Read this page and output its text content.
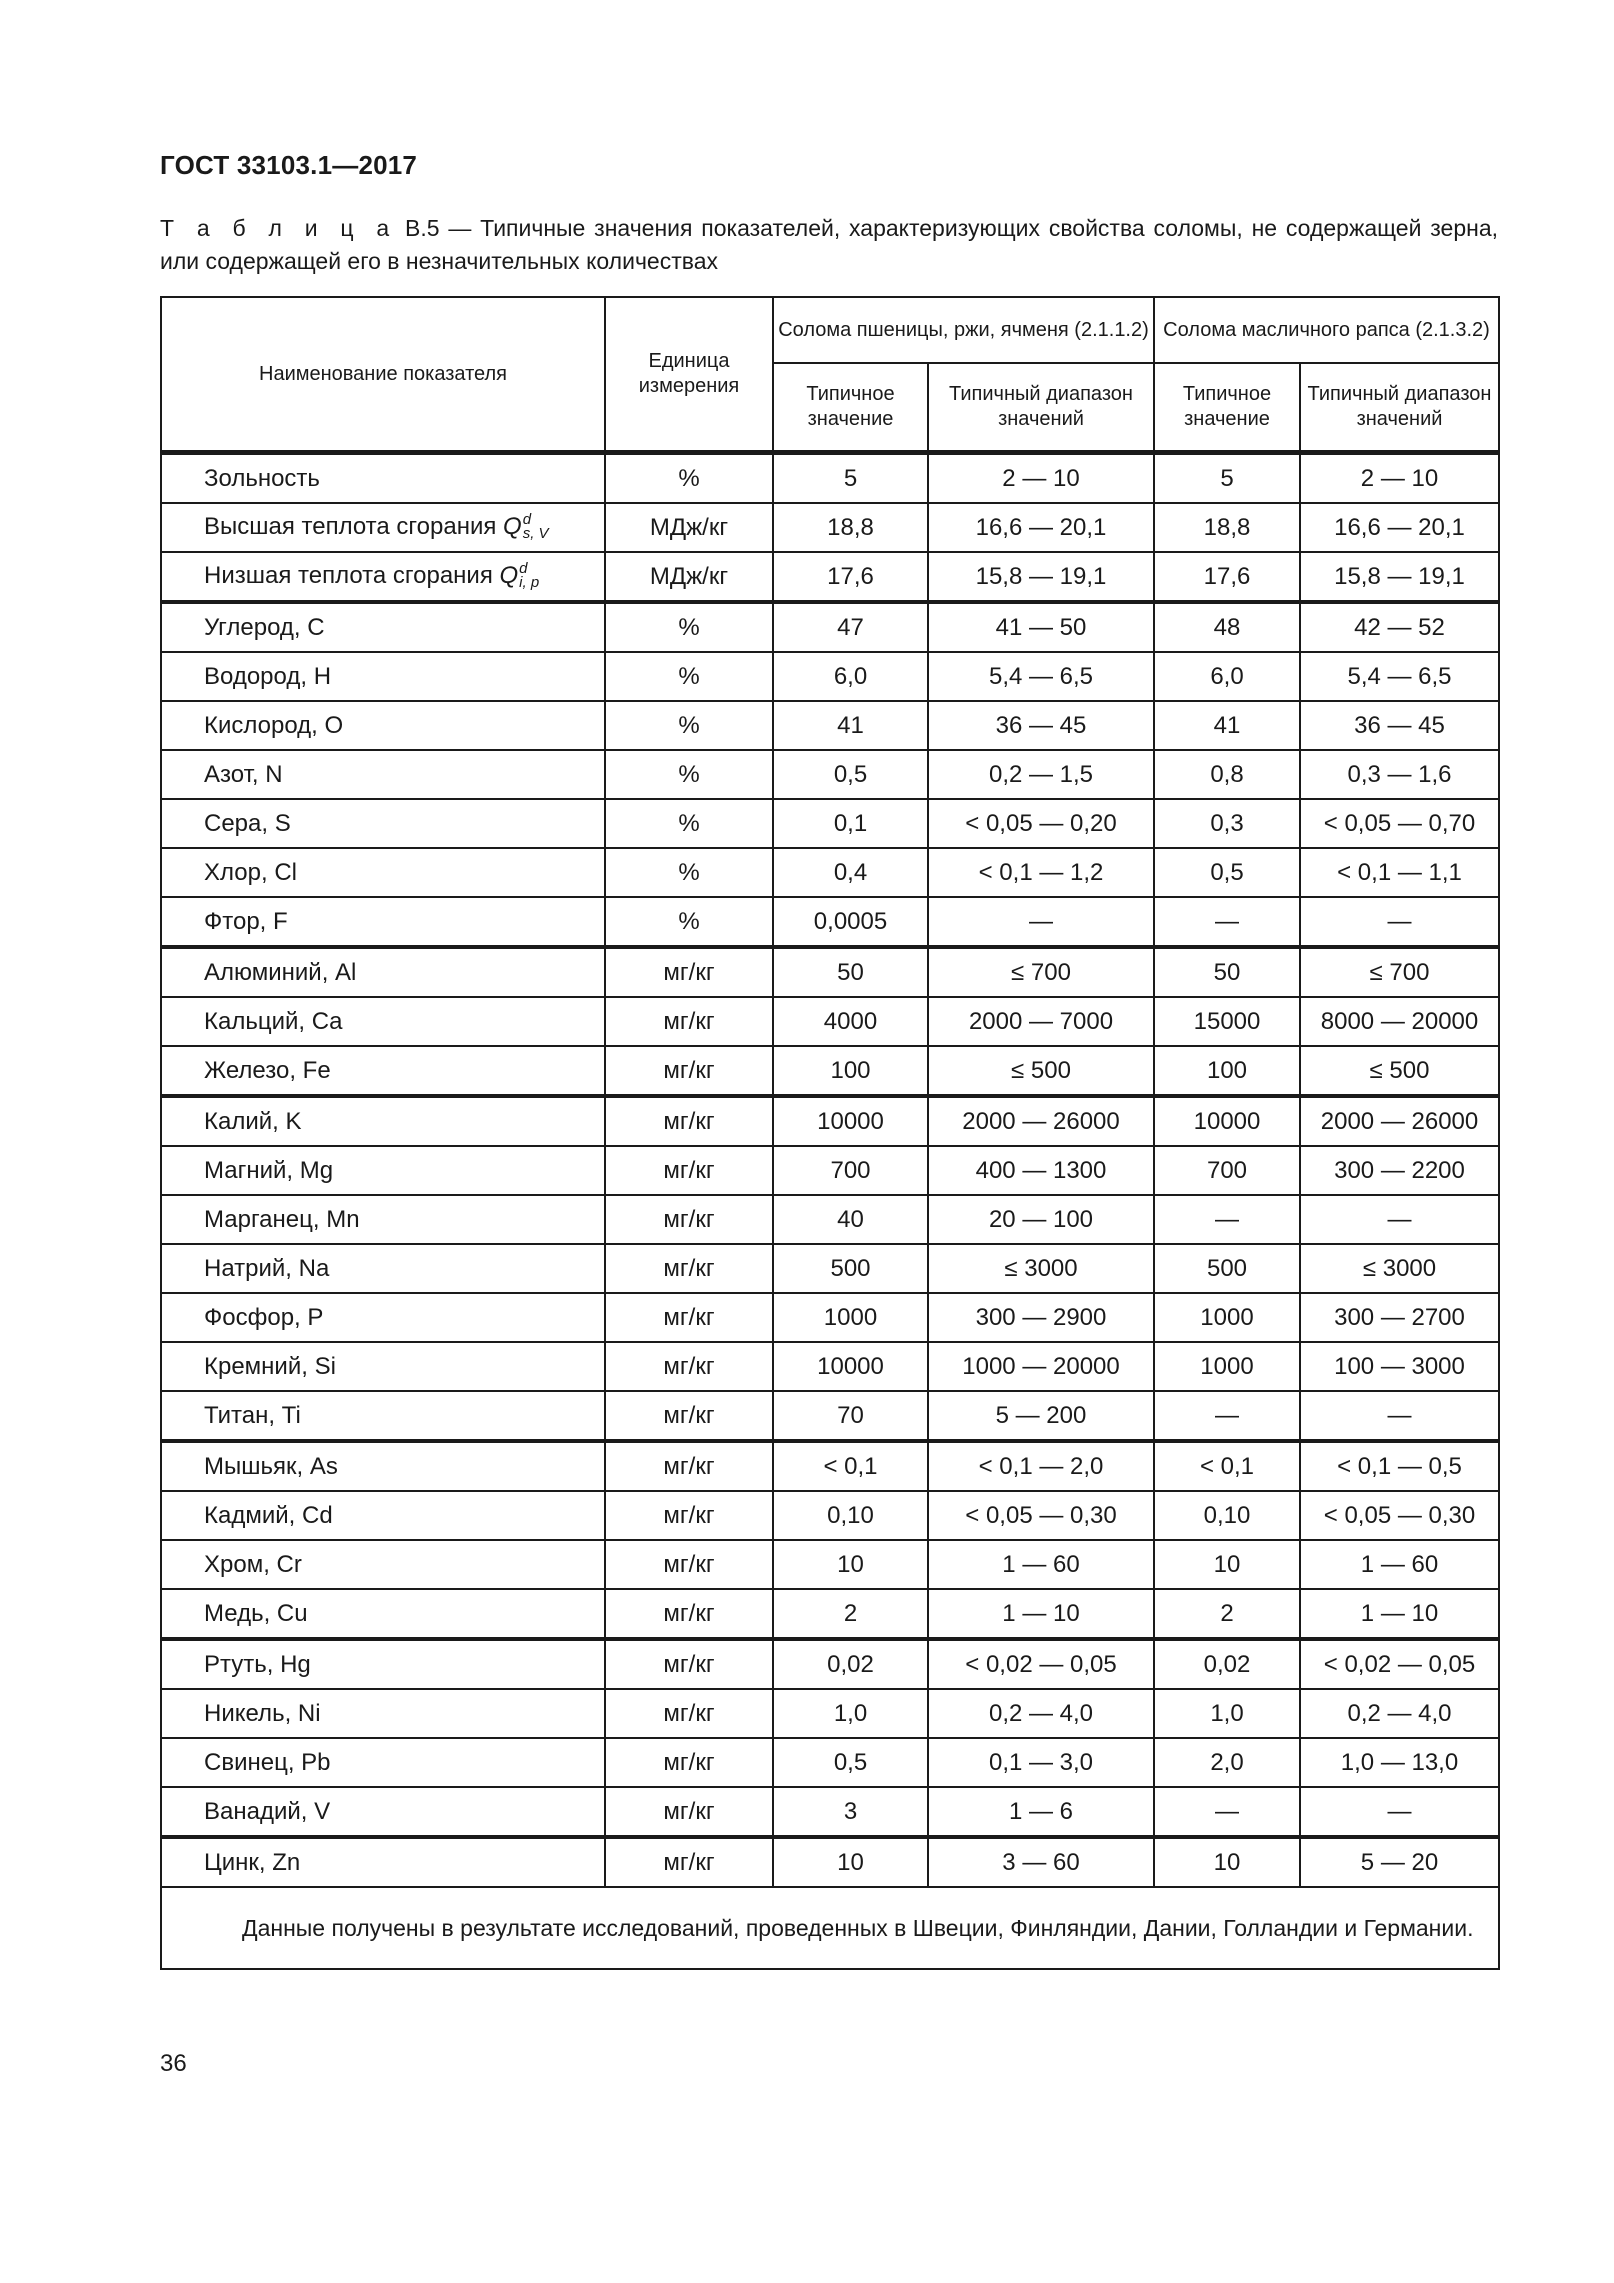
ГОСТ 33103.1—2017
Т а б л и ц а В.5 — Типичные значения показателей, характеризующих свойства соломы, не содержащей зерна, или содержащей его в незначительных количествах
Наименование показателя	Единица измерения	Солома пшеницы, ржи, ячменя (2.1.1.2)		Солома масличного рапса (2.1.3.2)	
		Типичное значение	Типичный диапазон значений	Типичное значение	Типичный диапазон значений
Зольность	%	5	2 — 10	5	2 — 10
Высшая теплота сгорания Q d
s, V	МДж/кг	18,8	16,6 — 20,1	18,8	16,6 — 20,1
Низшая теплота сгорания Q d
i, p	МДж/кг	17,6	15,8 — 19,1	17,6	15,8 — 19,1
Углерод, C	%	47	41 — 50	48	42 — 52
Водород, H	%	6,0	5,4 — 6,5	6,0	5,4 — 6,5
Кислород, O	%	41	36 — 45	41	36 — 45
Азот, N	%	0,5	0,2 — 1,5	0,8	0,3 — 1,6
Сера, S	%	0,1	< 0,05 — 0,20	0,3	< 0,05 — 0,70
Хлор, Cl	%	0,4	< 0,1 — 1,2	0,5	< 0,1 — 1,1
Фтор, F	%	0,0005	—	—	—
Алюминий, Al	мг/кг	50	≤ 700	50	≤ 700
Кальций, Ca	мг/кг	4000	2000 — 7000	15000	8000 — 20000
Железо, Fe	мг/кг	100	≤ 500	100	≤ 500
Калий, K	мг/кг	10000	2000 — 26000	10000	2000 — 26000
Магний, Mg	мг/кг	700	400 — 1300	700	300 — 2200
Марганец, Mn	мг/кг	40	20 — 100	—	—
Натрий, Na	мг/кг	500	≤ 3000	500	≤ 3000
Фосфор, P	мг/кг	1000	300 — 2900	1000	300 — 2700
Кремний, Si	мг/кг	10000	1000 — 20000	1000	100 — 3000
Титан, Ti	мг/кг	70	5 — 200	—	—
Мышьяк, As	мг/кг	< 0,1	< 0,1 — 2,0	< 0,1	< 0,1 — 0,5
Кадмий, Cd	мг/кг	0,10	< 0,05 — 0,30	0,10	< 0,05 — 0,30
Хром, Cr	мг/кг	10	1 — 60	10	1 — 60
Медь, Cu	мг/кг	2	1 — 10	2	1 — 10
Ртуть, Hg	мг/кг	0,02	< 0,02 — 0,05	0,02	< 0,02 — 0,05
Никель, Ni	мг/кг	1,0	0,2 — 4,0	1,0	0,2 — 4,0
Свинец, Pb	мг/кг	0,5	0,1 — 3,0	2,0	1,0 — 13,0
Ванадий, V	мг/кг	3	1 — 6	—	—
Цинк, Zn	мг/кг	10	3 — 60	10	5 — 20
Данные получены в результате исследований, проведенных в Швеции, Финляндии, Дании, Голландии и Германии.					
36
